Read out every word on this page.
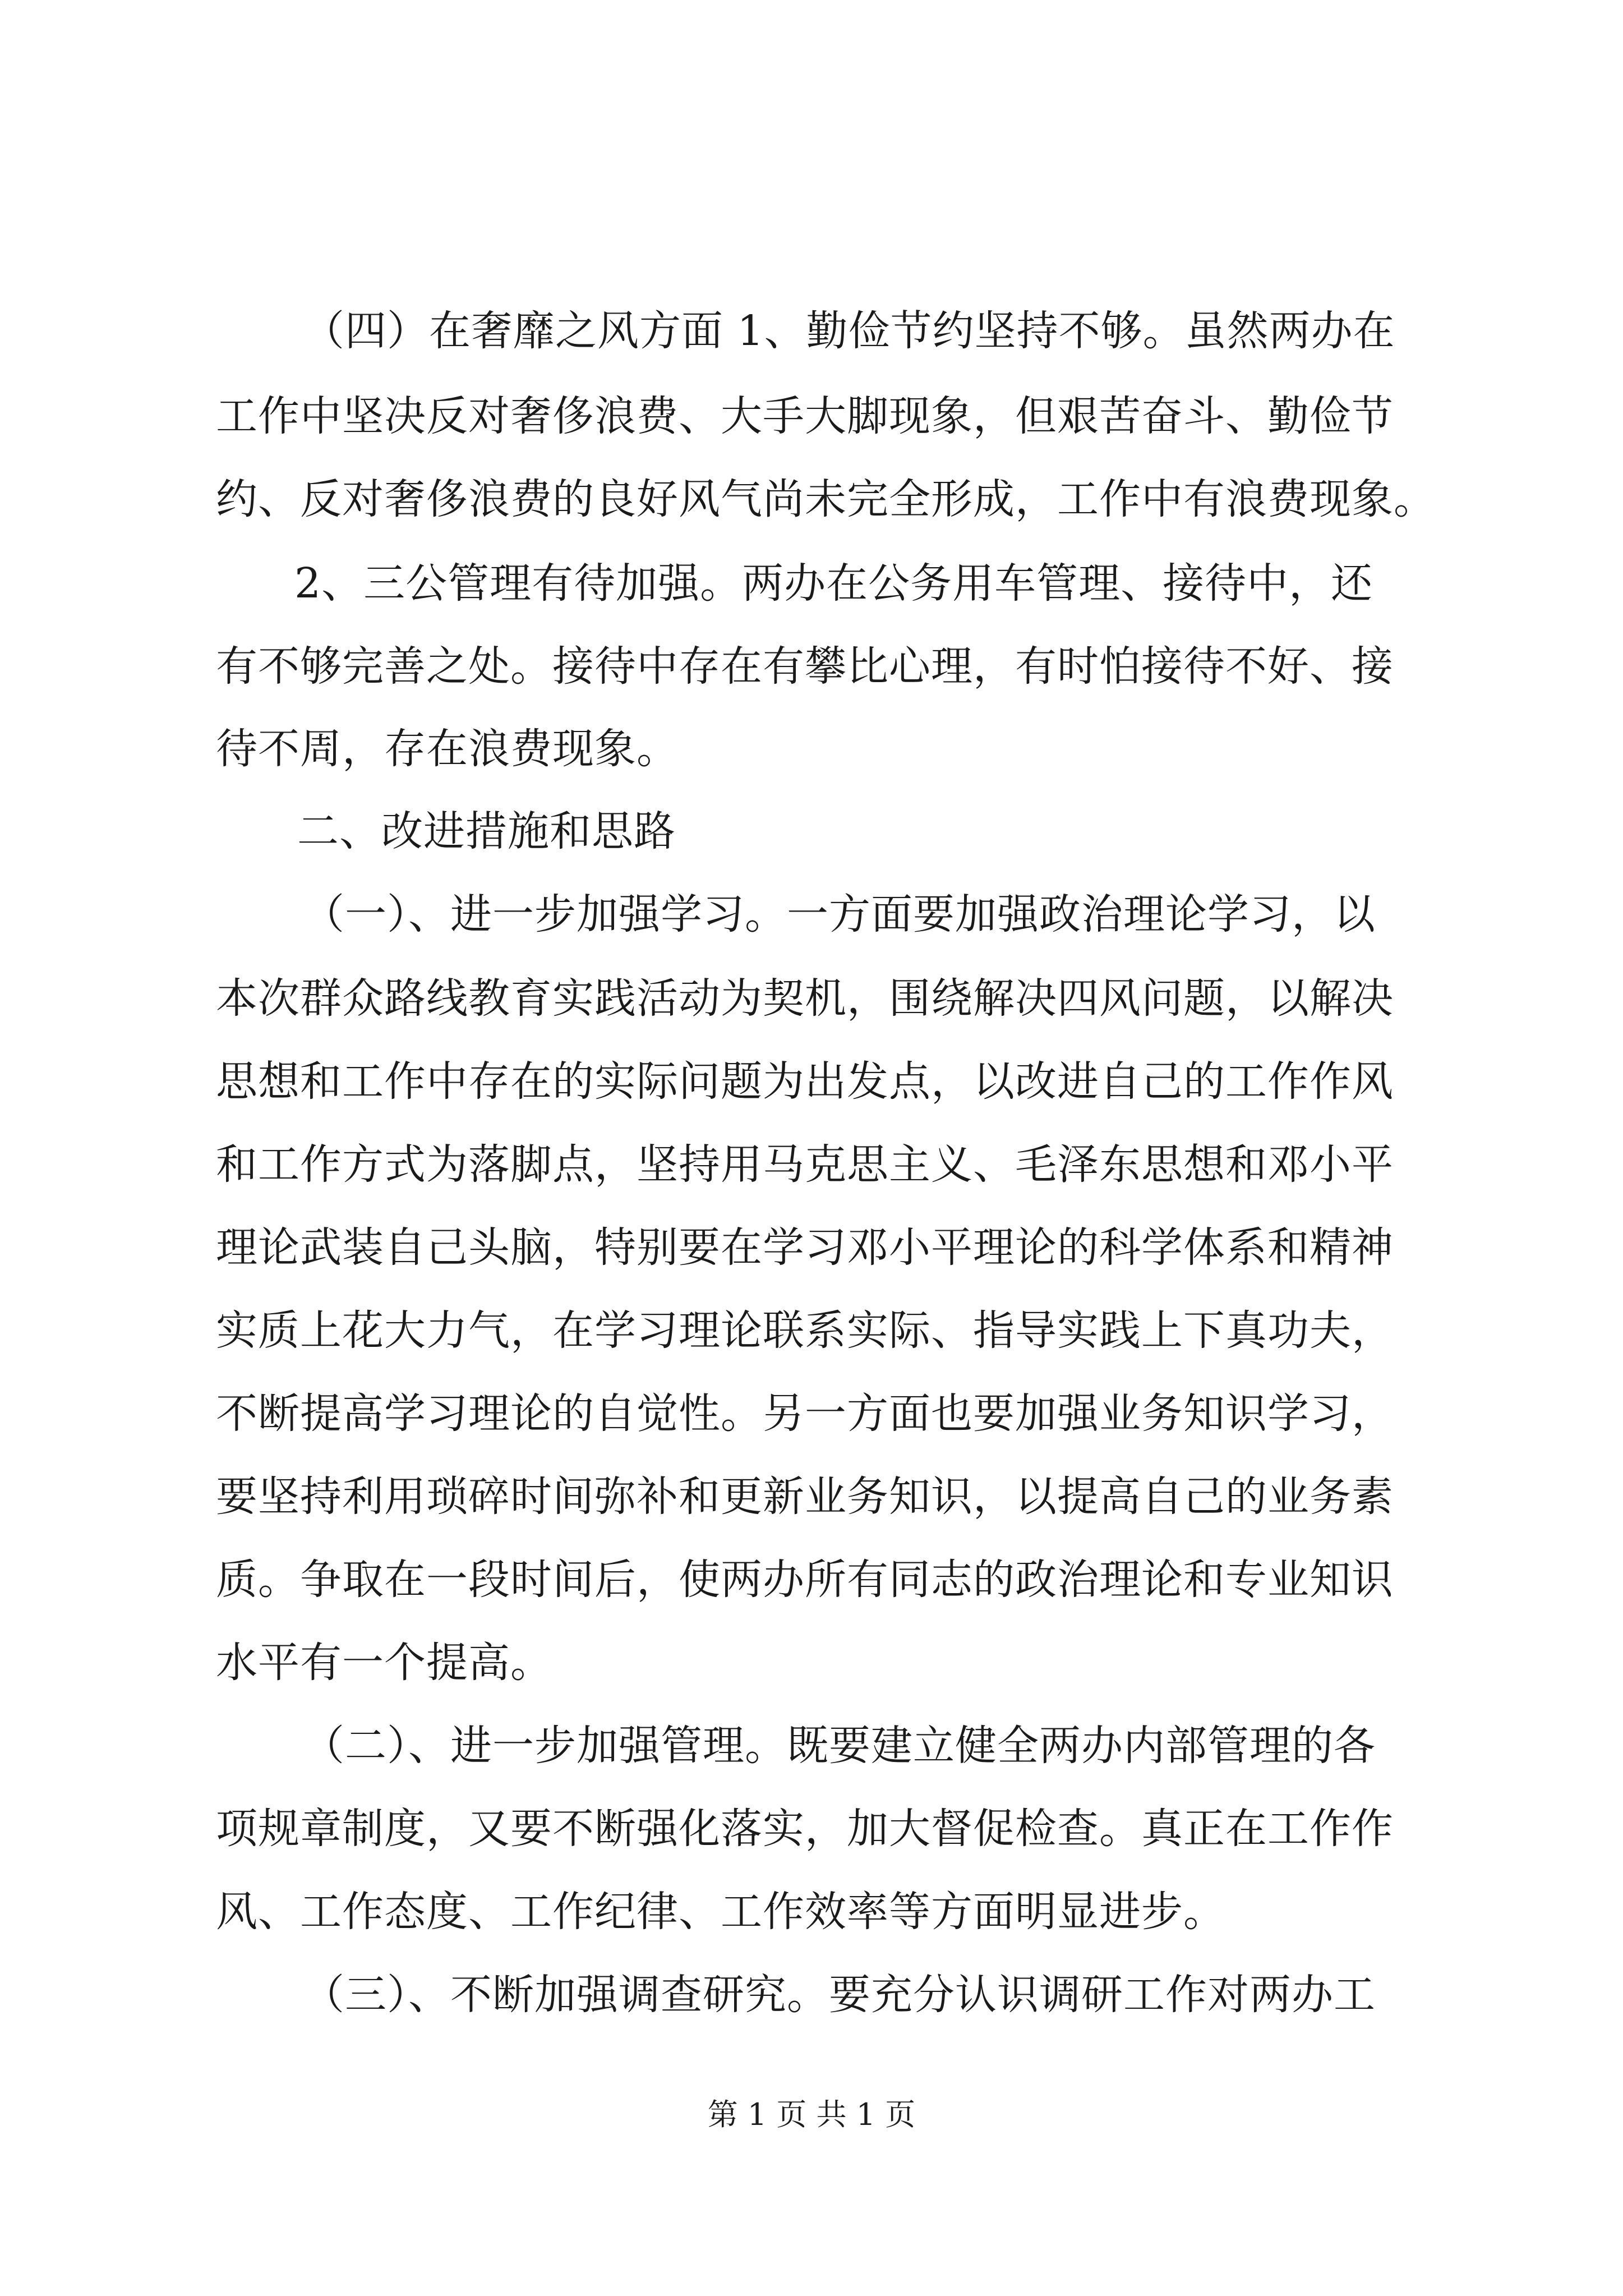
（四）在奢靡之风方面 1、勤俭节约坚持不够。虽然两办在
工作中坚决反对奢侈浪费、大手大脚现象，但艰苦奋斗、勤俭节
约、反对奢侈浪费的良好风气尚未完全形成，工作中有浪费现象。
2、三公管理有待加强。两办在公务用车管理、接待中，还
有不够完善之处。接待中存在有攀比心理，有时怕接待不好、接
待不周，存在浪费现象。
二、改进措施和思路
（一）、进一步加强学习。一方面要加强政治理论学习，以
本次群众路线教育实践活动为契机，围绕解决四风问题，以解决
思想和工作中存在的实际问题为出发点，以改进自己的工作作风
和工作方式为落脚点，坚持用马克思主义、毛泽东思想和邓小平
理论武装自己头脑，特别要在学习邓小平理论的科学体系和精神
实质上花大力气，在学习理论联系实际、指导实践上下真功夫，
不断提高学习理论的自觉性。另一方面也要加强业务知识学习，
要坚持利用琐碎时间弥补和更新业务知识，以提高自己的业务素
质。争取在一段时间后，使两办所有同志的政治理论和专业知识
水平有一个提高。
（二）、进一步加强管理。既要建立健全两办内部管理的各
项规章制度，又要不断强化落实，加大督促检查。真正在工作作
风、工作态度、工作纪律、工作效率等方面明显进步。
（三）、不断加强调查研究。要充分认识调研工作对两办工
第 1 页 共 1 页
